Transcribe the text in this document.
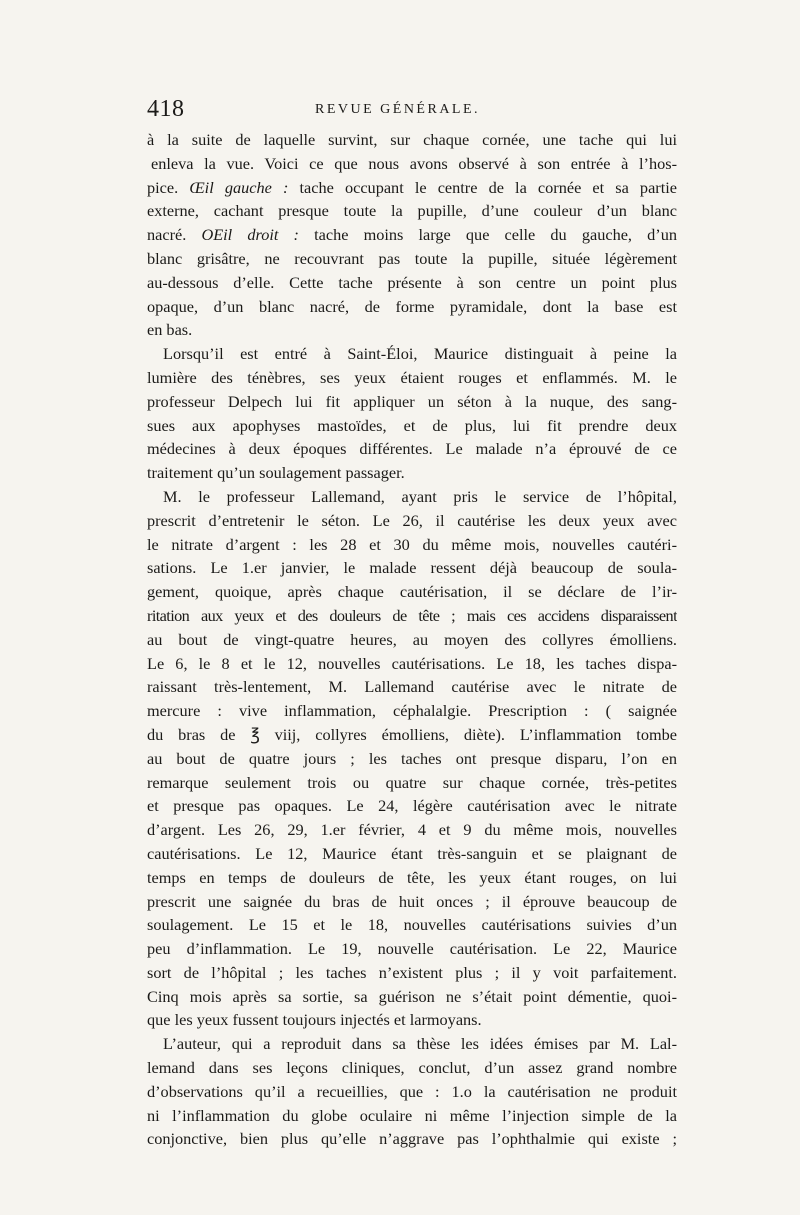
418	REVUE GÉNÉRALE.
à la suite de laquelle survint, sur chaque cornée, une tache qui lui
enleva la vue. Voici ce que nous avons observé à son entrée à l’hos-
pice. Œil gauche : tache occupant le centre de la cornée et sa partie
externe, cachant presque toute la pupille, d’une couleur d’un blanc
nacré. OEil droit : tache moins large que celle du gauche, d’un
blanc grisâtre, ne recouvrant pas toute la pupille, située légèrement
au-dessous d’elle. Cette tache présente à son centre un point plus
opaque, d’un blanc nacré, de forme pyramidale, dont la base est
en bas.
Lorsqu’il est entré à Saint-Éloi, Maurice distinguait à peine la
lumière des ténèbres, ses yeux étaient rouges et enflammés. M. le
professeur Delpech lui fit appliquer un séton à la nuque, des sang-
sues aux apophyses mastoïdes, et de plus, lui fit prendre deux
médecines à deux époques différentes. Le malade n’a éprouvé de ce
traitement qu’un soulagement passager.
M. le professeur Lallemand, ayant pris le service de l’hôpital,
prescrit d’entretenir le séton. Le 26, il cautérise les deux yeux avec
le nitrate d’argent : les 28 et 30 du même mois, nouvelles cautéri-
sations. Le 1.er janvier, le malade ressent déjà beaucoup de soula-
gement, quoique, après chaque cautérisation, il se déclare de l’ir-
ritation aux yeux et des douleurs de tête ; mais ces accidens disparaissent
au bout de vingt-quatre heures, au moyen des collyres émolliens.
Le 6, le 8 et le 12, nouvelles cautérisations. Le 18, les taches dispa-
raissant très-lentement, M. Lallemand cautérise avec le nitrate de
mercure : vive inflammation, céphalalgie. Prescription : ( saignée
du bras de ℥ viij, collyres émolliens, diète). L’inflammation tombe
au bout de quatre jours ; les taches ont presque disparu, l’on en
remarque seulement trois ou quatre sur chaque cornée, très-petites
et presque pas opaques. Le 24, légère cautérisation avec le nitrate
d’argent. Les 26, 29, 1.er février, 4 et 9 du même mois, nouvelles
cautérisations. Le 12, Maurice étant très-sanguin et se plaignant de
temps en temps de douleurs de tête, les yeux étant rouges, on lui
prescrit une saignée du bras de huit onces ; il éprouve beaucoup de
soulagement. Le 15 et le 18, nouvelles cautérisations suivies d’un
peu d’inflammation. Le 19, nouvelle cautérisation. Le 22, Maurice
sort de l’hôpital ; les taches n’existent plus ; il y voit parfaitement.
Cinq mois après sa sortie, sa guérison ne s’était point démentie, quoi-
que les yeux fussent toujours injectés et larmoyans.
L’auteur, qui a reproduit dans sa thèse les idées émises par M. Lal-
lemand dans ses leçons cliniques, conclut, d’un assez grand nombre
d’observations qu’il a recueillies, que : 1.o la cautérisation ne produit
ni l’inflammation du globe oculaire ni même l’injection simple de la
conjonctive, bien plus qu’elle n’aggrave pas l’ophthalmie qui existe ;
